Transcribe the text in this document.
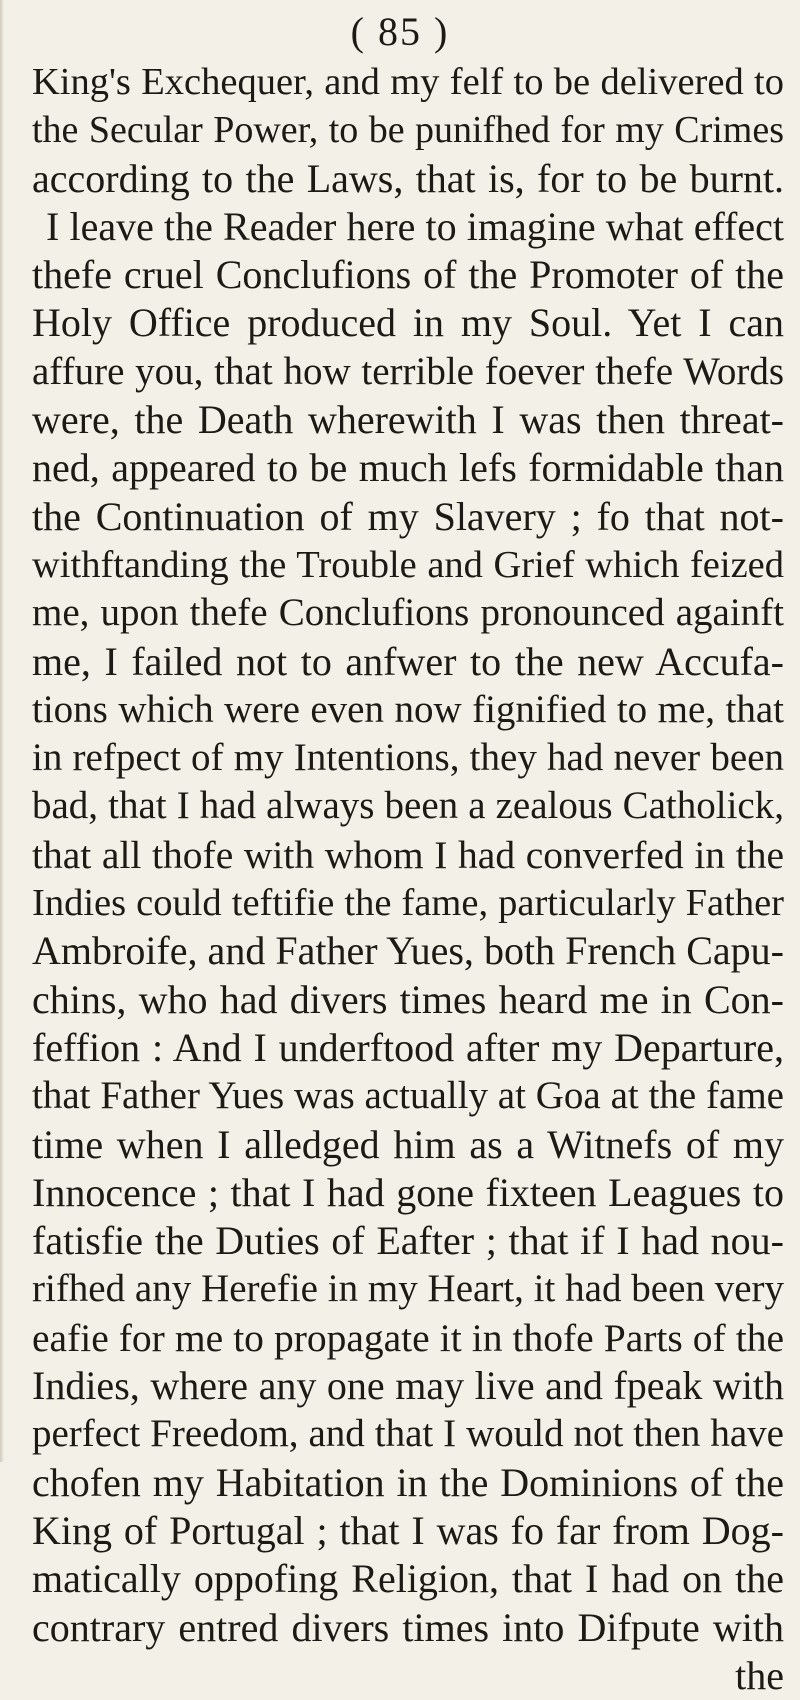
( 85 )
King's Exchequer, and my felf to be delivered to
the Secular Power, to be punifhed for my Crimes
according to the Laws, that is, for to be burnt.
I leave the Reader here to imagine what effect
thefe cruel Conclufions of the Promoter of the
Holy Office produced in my Soul. Yet I can
affure you, that how terrible foever thefe Words
were, the Death wherewith I was then threat-
ned, appeared to be much lefs formidable than
the Continuation of my Slavery ; fo that not-
withftanding the Trouble and Grief which feized
me, upon thefe Conclufions pronounced againft
me, I failed not to anfwer to the new Accufa-
tions which were even now fignified to me, that
in refpect of my Intentions, they had never been
bad, that I had always been a zealous Catholick,
that all thofe with whom I had converfed in the
Indies could teftifie the fame, particularly Father
Ambroife, and Father Yues, both French Capu-
chins, who had divers times heard me in Con-
feffion : And I underftood after my Departure,
that Father Yues was actually at Goa at the fame
time when I alledged him as a Witnefs of my
Innocence ; that I had gone fixteen Leagues to
fatisfie the Duties of Eafter ; that if I had nou-
rifhed any Herefie in my Heart, it had been very
eafie for me to propagate it in thofe Parts of the
Indies, where any one may live and fpeak with
perfect Freedom, and that I would not then have
chofen my Habitation in the Dominions of the
King of Portugal ; that I was fo far from Dog-
matically oppofing Religion, that I had on the
contrary entred divers times into Difpute with
the
